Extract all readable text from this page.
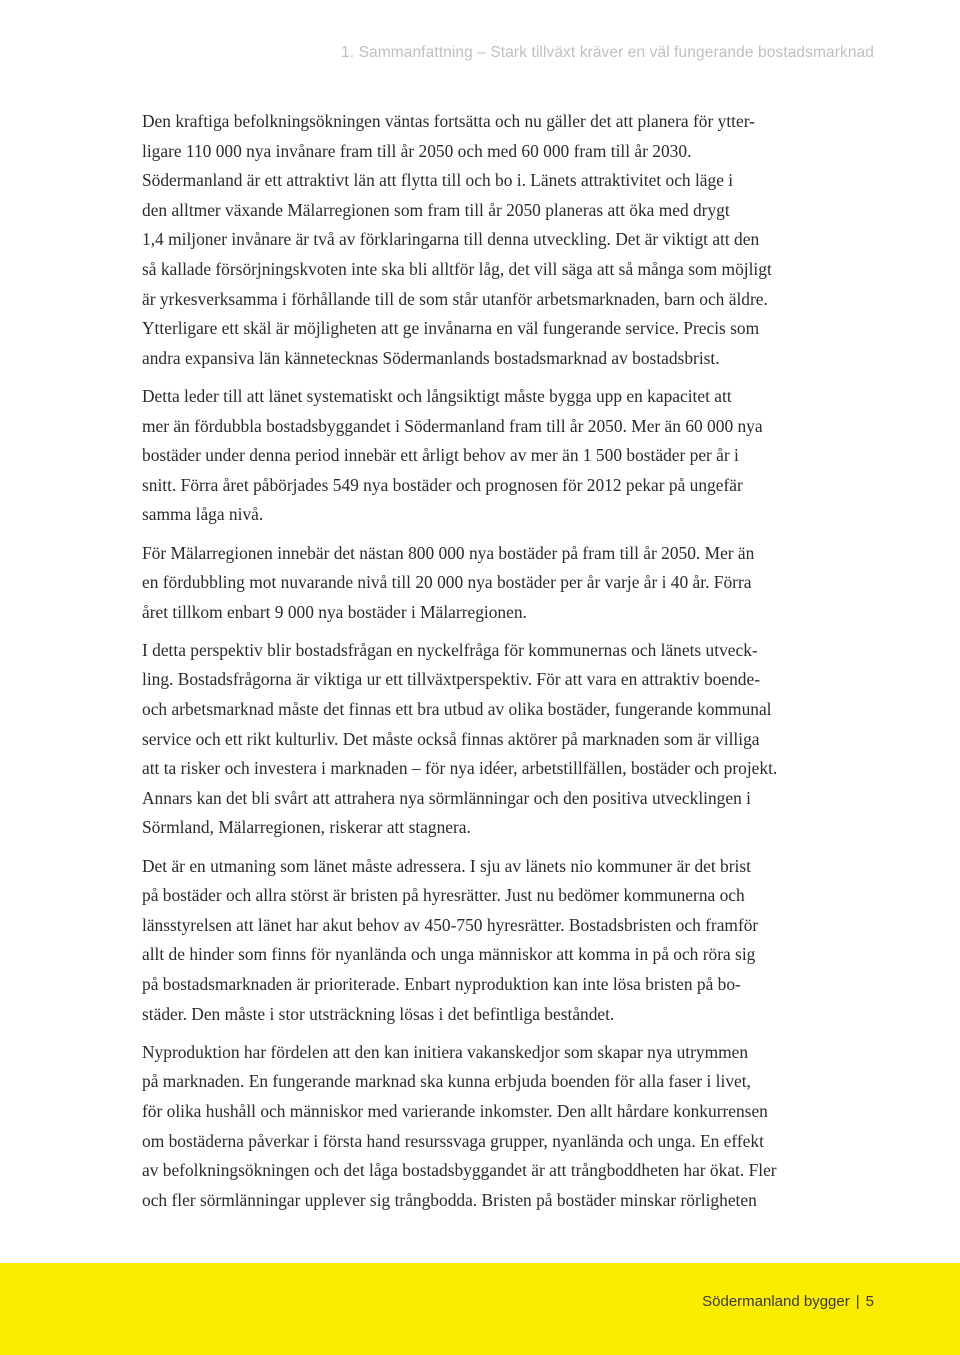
1. Sammanfattning – Stark tillväxt kräver en väl fungerande bostadsmarknad
Den kraftiga befolkningsökningen väntas fortsätta och nu gäller det att planera för ytter-
ligare 110 000 nya invånare fram till år 2050 och med 60 000 fram till år 2030.
Södermanland är ett attraktivt län att flytta till och bo i. Länets attraktivitet och läge i
den alltmer växande Mälarregionen som fram till år 2050 planeras att öka med drygt
1,4 miljoner invånare är två av förklaringarna till denna utveckling. Det är viktigt att den
så kallade försörjningskvoten inte ska bli alltför låg, det vill säga att så många som möjligt
är yrkesverksamma i förhållande till de som står utanför arbetsmarknaden, barn och äldre.
Ytterligare ett skäl är möjligheten att ge invånarna en väl fungerande service. Precis som
andra expansiva län kännetecknas Södermanlands bostadsmarknad av bostadsbrist.
Detta leder till att länet systematiskt och långsiktigt måste bygga upp en kapacitet att
mer än fördubbla bostadsbyggandet i Södermanland fram till år 2050. Mer än 60 000 nya
bostäder under denna period innebär ett årligt behov av mer än 1 500 bostäder per år i
snitt. Förra året påbörjades 549 nya bostäder och prognosen för 2012 pekar på ungefär
samma låga nivå.
För Mälarregionen innebär det nästan 800 000 nya bostäder på fram till år 2050. Mer än
en fördubbling mot nuvarande nivå till 20 000 nya bostäder per år varje år i 40 år. Förra
året tillkom enbart 9 000 nya bostäder i Mälarregionen.
I detta perspektiv blir bostadsfrågan en nyckelfråga för kommunernas och länets utveck-
ling. Bostadsfrågorna är viktiga ur ett tillväxtperspektiv. För att vara en attraktiv boende-
och arbetsmarknad måste det finnas ett bra utbud av olika bostäder, fungerande kommunal
service och ett rikt kulturliv. Det måste också finnas aktörer på marknaden som är villiga
att ta risker och investera i marknaden – för nya idéer, arbetstillfällen, bostäder och projekt.
Annars kan det bli svårt att attrahera nya sörmlänningar och den positiva utvecklingen i
Sörmland, Mälarregionen, riskerar att stagnera.
Det är en utmaning som länet måste adressera. I sju av länets nio kommuner är det brist
på bostäder och allra störst är bristen på hyresrätter. Just nu bedömer kommunerna och
länsstyrelsen att länet har akut behov av 450-750 hyresrätter. Bostadsbristen och framför
allt de hinder som finns för nyanlända och unga människor att komma in på och röra sig
på bostadsmarknaden är prioriterade. Enbart nyproduktion kan inte lösa bristen på bo-
städer. Den måste i stor utsträckning lösas i det befintliga beståndet.
Nyproduktion har fördelen att den kan initiera vakanskedjor som skapar nya utrymmen
på marknaden. En fungerande marknad ska kunna erbjuda boenden för alla faser i livet,
för olika hushåll och människor med varierande inkomster. Den allt hårdare konkurrensen
om bostäderna påverkar i första hand resurssvaga grupper, nyanlända och unga. En effekt
av befolkningsökningen och det låga bostadsbyggandet är att trångboddheten har ökat. Fler
och fler sörmlänningar upplever sig trångbodda. Bristen på bostäder minskar rörligheten
Södermanland bygger | 5
